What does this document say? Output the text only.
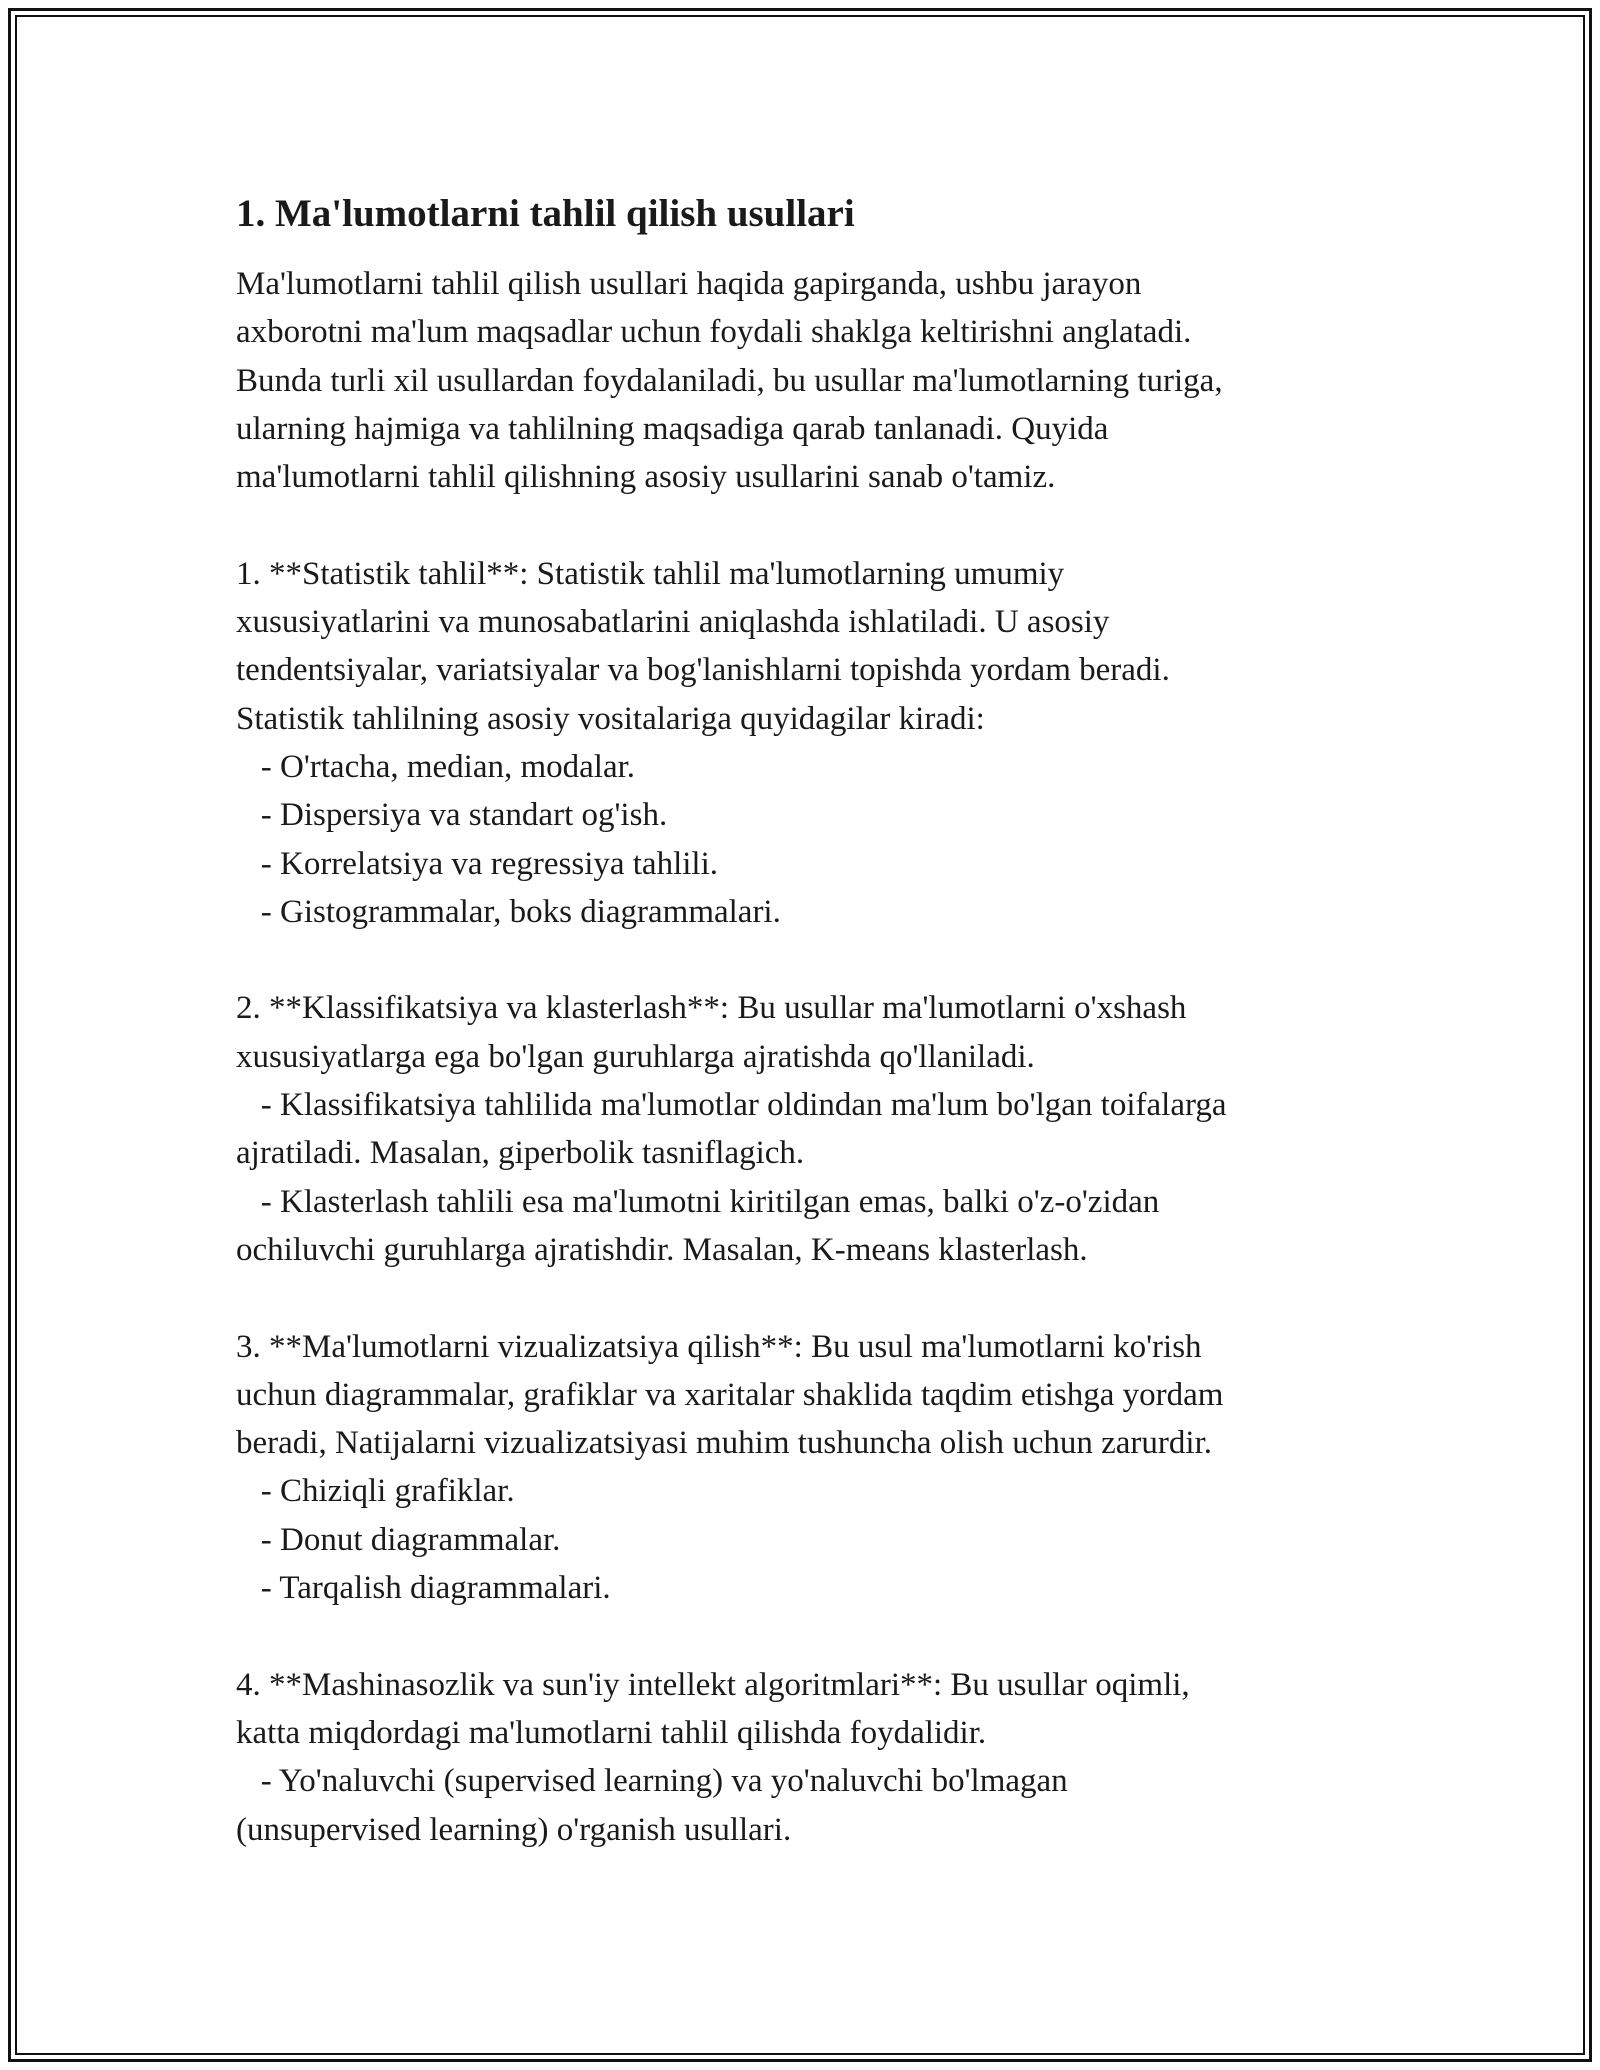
1. Ma'lumotlarni tahlil qilish usullari
Ma'lumotlarni tahlil qilish usullari haqida gapirganda, ushbu jarayon
axborotni ma'lum maqsadlar uchun foydali shaklga keltirishni anglatadi.
Bunda turli xil usullardan foydalaniladi, bu usullar ma'lumotlarning turiga,
ularning hajmiga va tahlilning maqsadiga qarab tanlanadi. Quyida
ma'lumotlarni tahlil qilishning asosiy usullarini sanab o'tamiz.
1. **Statistik tahlil**: Statistik tahlil ma'lumotlarning umumiy
xususiyatlarini va munosabatlarini aniqlashda ishlatiladi. U asosiy
tendentsiyalar, variatsiyalar va bog'lanishlarni topishda yordam beradi.
Statistik tahlilning asosiy vositalariga quyidagilar kiradi:
- O'rtacha, median, modalar.
- Dispersiya va standart og'ish.
- Korrelatsiya va regressiya tahlili.
- Gistogrammalar, boks diagrammalari.
2. **Klassifikatsiya va klasterlash**: Bu usullar ma'lumotlarni o'xshash
xususiyatlarga ega bo'lgan guruhlarga ajratishda qo'llaniladi.
- Klassifikatsiya tahlilida ma'lumotlar oldindan ma'lum bo'lgan toifalarga
ajratiladi. Masalan, giperbolik tasniflagich.
- Klasterlash tahlili esa ma'lumotni kiritilgan emas, balki o'z-o'zidan
ochiluvchi guruhlarga ajratishdir. Masalan, K-means klasterlash.
3. **Ma'lumotlarni vizualizatsiya qilish**: Bu usul ma'lumotlarni ko'rish
uchun diagrammalar, grafiklar va xaritalar shaklida taqdim etishga yordam
beradi, Natijalarni vizualizatsiyasi muhim tushuncha olish uchun zarurdir.
- Chiziqli grafiklar.
- Donut diagrammalar.
- Tarqalish diagrammalari.
4. **Mashinasozlik va sun'iy intellekt algoritmlari**: Bu usullar oqimli,
katta miqdordagi ma'lumotlarni tahlil qilishda foydalidir.
- Yo'naluvchi (supervised learning) va yo'naluvchi bo'lmagan
(unsupervised learning) o'rganish usullari.
